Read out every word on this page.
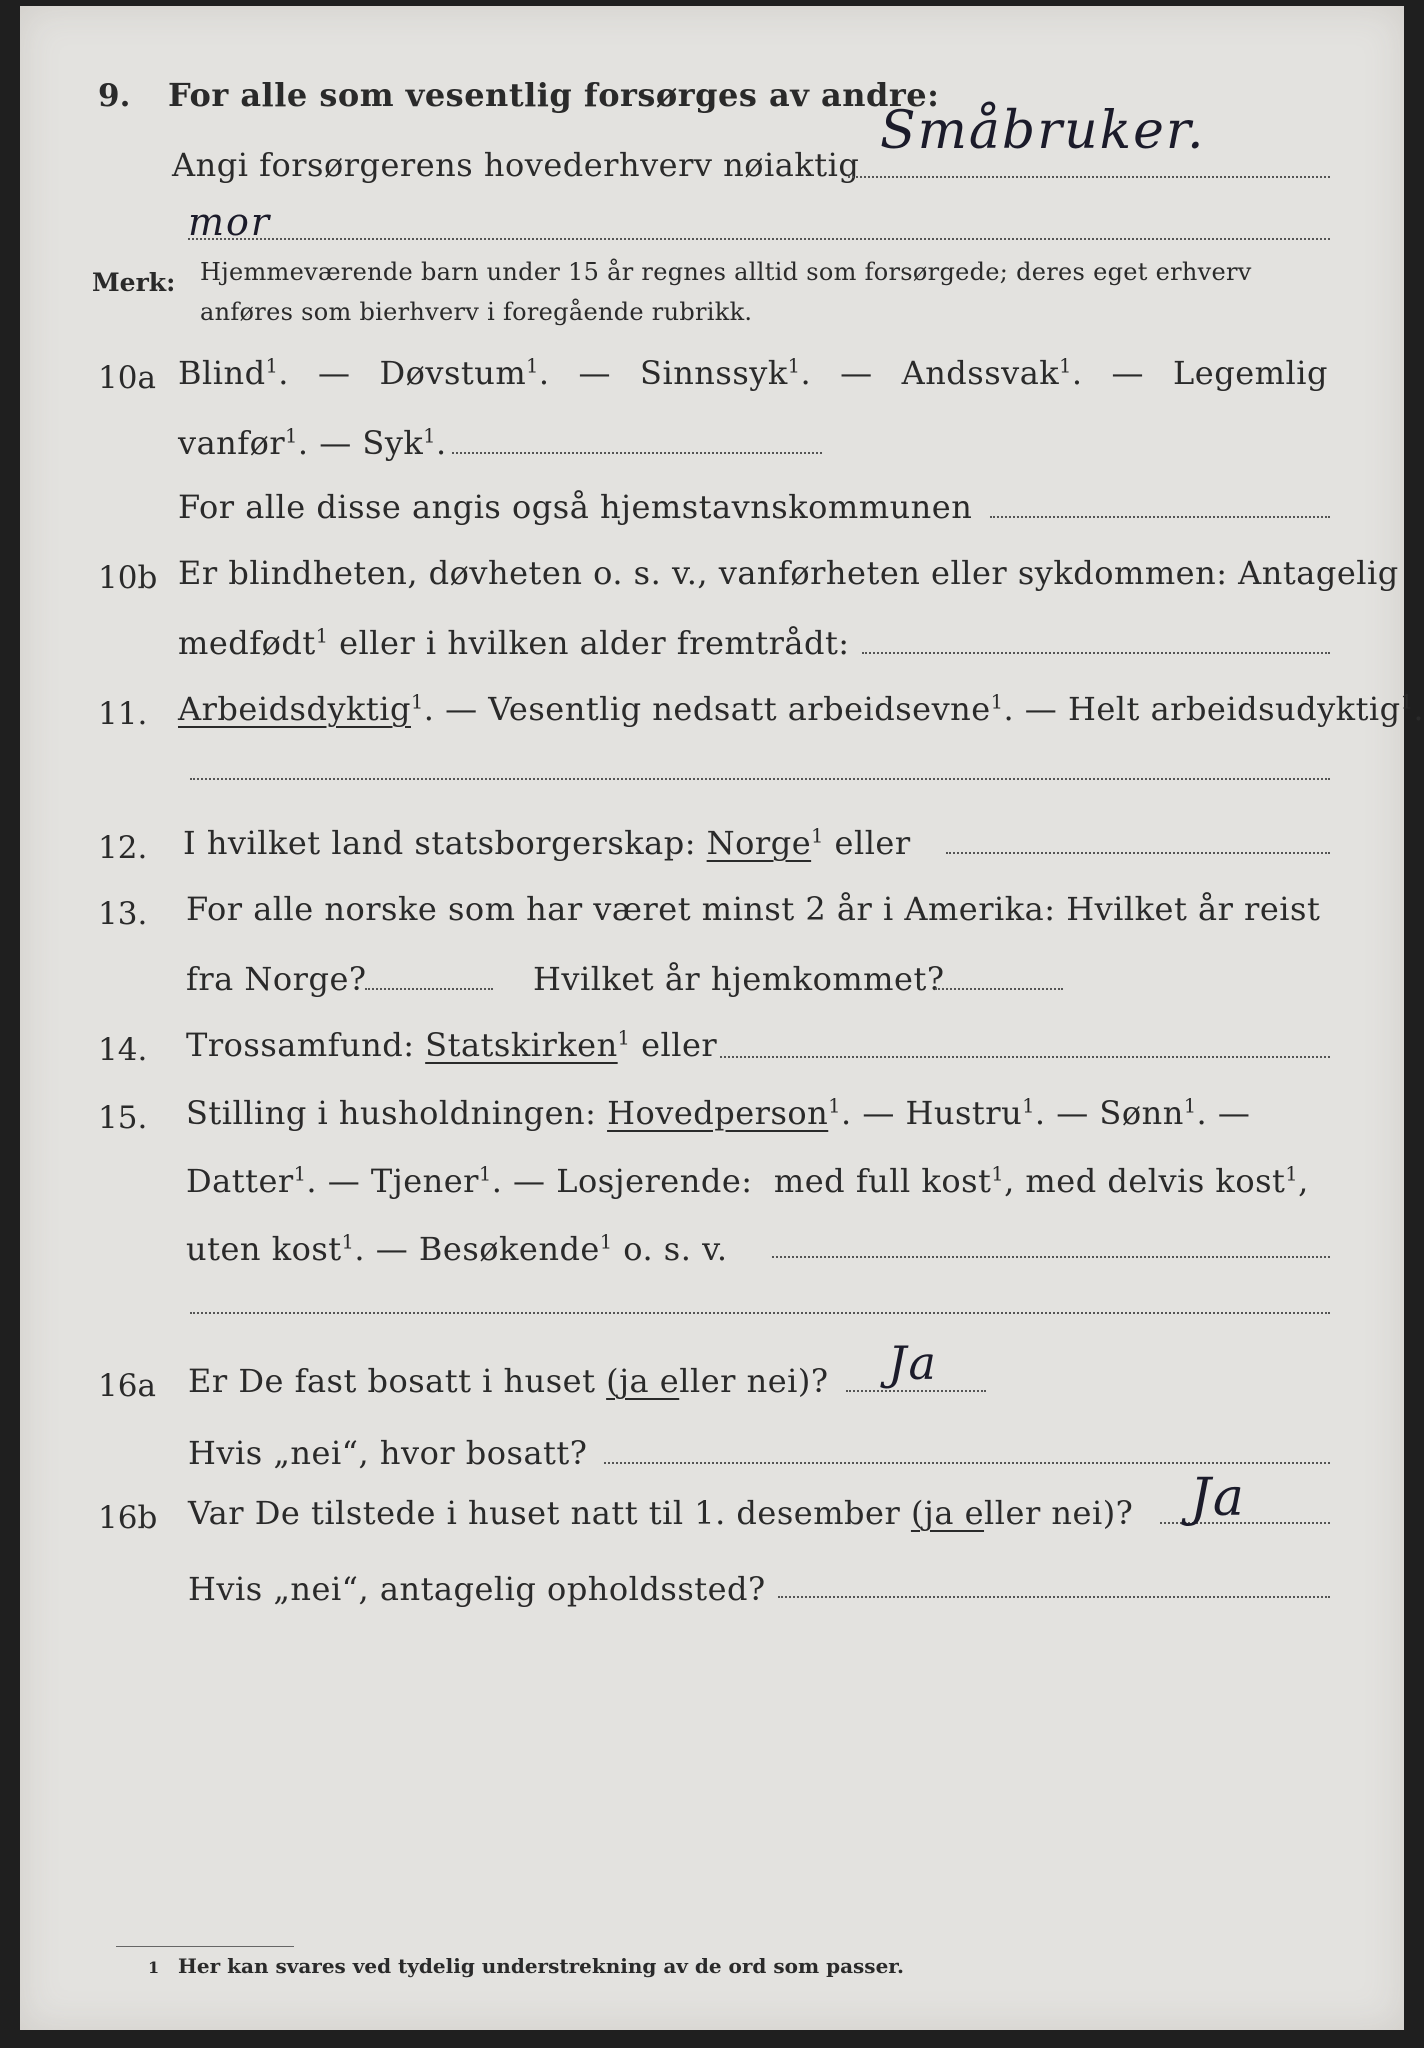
9. For alle som vesentlig forsørges av andre:
Småbruker.
Angi forsørgerens hovederhverv nøiaktig
mor
Merk: Hjemmeværende barn under 15 år regnes alltid som forsørgede; deres eget erhverv
anføres som bierhverv i foregående rubrikk.
10a Blind$^1$. — Døvstum$^1$. — Sinnssyk$^1$. — Andssvak$^1$. — Legemlig
vanfør$^1$. — Syk$^1$.
For alle disse angis også hjemstavnskommunen
10b Er blindheten, døvheten o. s. v., vanførheten eller sykdommen: Antagelig
medfødt$^1$ eller i hvilken alder fremtrådt:
11. Arbeidsdyktig$^1$. — Vesentlig nedsatt arbeidsevne$^1$. — Helt arbeidsudyktig$^1$.
12. I hvilket land statsborgerskap: Norge$^1$ eller
13. For alle norske som har været minst 2 år i Amerika: Hvilket år reist
fra Norge?	Hvilket år hjemkommet?
14. Trossamfund: Statskirken$^1$ eller
15. Stilling i husholdningen: Hovedperson$^1$. — Hustru$^1$. — Sønn$^1$. —
Datter$^1$. — Tjener$^1$. — Losjerende: med full kost$^1$, med delvis kost$^1$,
uten kost$^1$. — Besøkende$^1$ o. s. v.
16a Er De fast bosatt i huset (ja eller nei)? Ja
Hvis „nei“, hvor bosatt?
16b Var De tilstede i huset natt til 1. desember (ja eller nei)? Ja
Hvis „nei“, antagelig opholdssted?
1 Her kan svares ved tydelig understrekning av de ord som passer.
